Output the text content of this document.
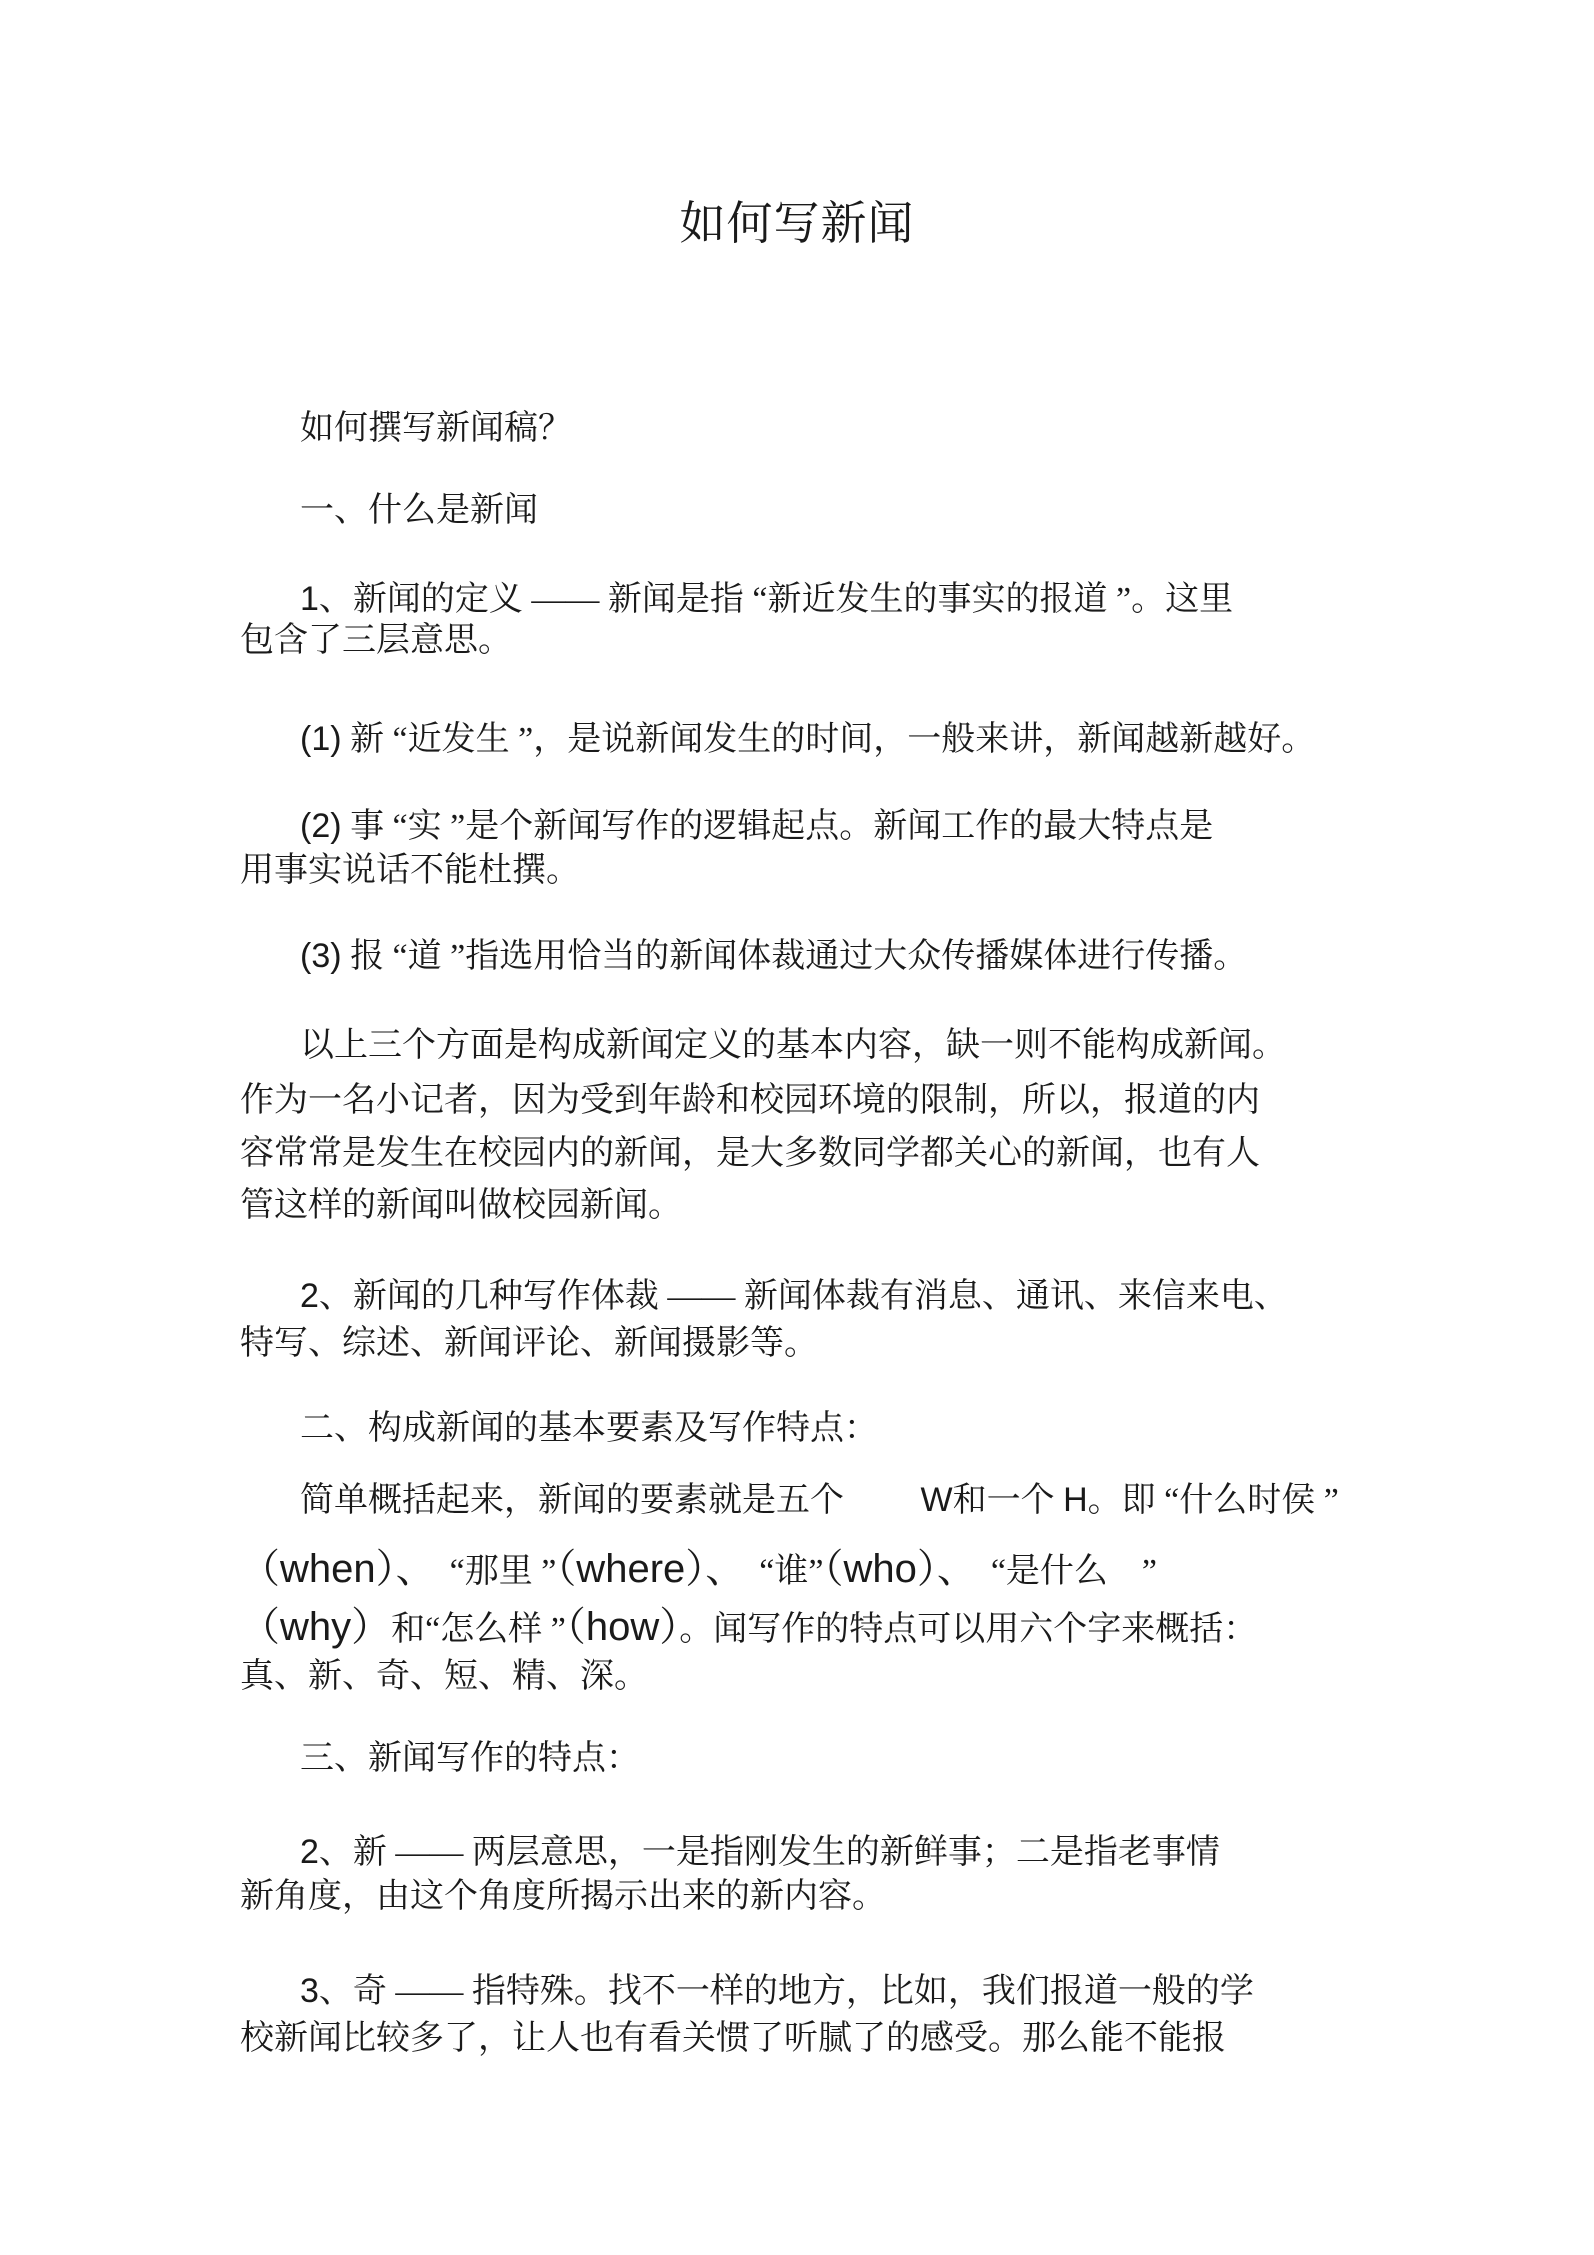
如何写新闻
如何撰写新闻稿？
一、什么是新闻
1、新闻的定义 —— 新闻是指 “新近发生的事实的报道 ”。这里
包含了三层意思。
(1) 新 “近发生 ”，是说新闻发生的时间，一般来讲，新闻越新越好。
(2) 事 “实 ”是个新闻写作的逻辑起点。新闻工作的最大特点是
用事实说话不能杜撰。
(3) 报 “道 ”指选用恰当的新闻体裁通过大众传播媒体进行传播。
以上三个方面是构成新闻定义的基本内容，缺一则不能构成新闻。
作为一名小记者，因为受到年龄和校园环境的限制，所以，报道的内
容常常是发生在校园内的新闻，是大多数同学都关心的新闻，也有人
管这样的新闻叫做校园新闻。
2、新闻的几种写作体裁 —— 新闻体裁有消息、通讯、来信来电、
特写、综述、新闻评论、新闻摄影等。
二、构成新闻的基本要素及写作特点：
简单概括起来，新闻的要素就是五个　　 W和一个 H。即 “什么时侯 ”
（when）、　“那里 ”（where）、　“谁”（who）、　“是什么　”
（why）和“怎么样 ”（how）。闻写作的特点可以用六个字来概括：
真、新、奇、短、精、深。
三、新闻写作的特点：
2、新 —— 两层意思，一是指刚发生的新鲜事；二是指老事情
新角度，由这个角度所揭示出来的新内容。
3、奇 —— 指特殊。找不一样的地方，比如，我们报道一般的学
校新闻比较多了，让人也有看关惯了听腻了的感受。那么能不能报
